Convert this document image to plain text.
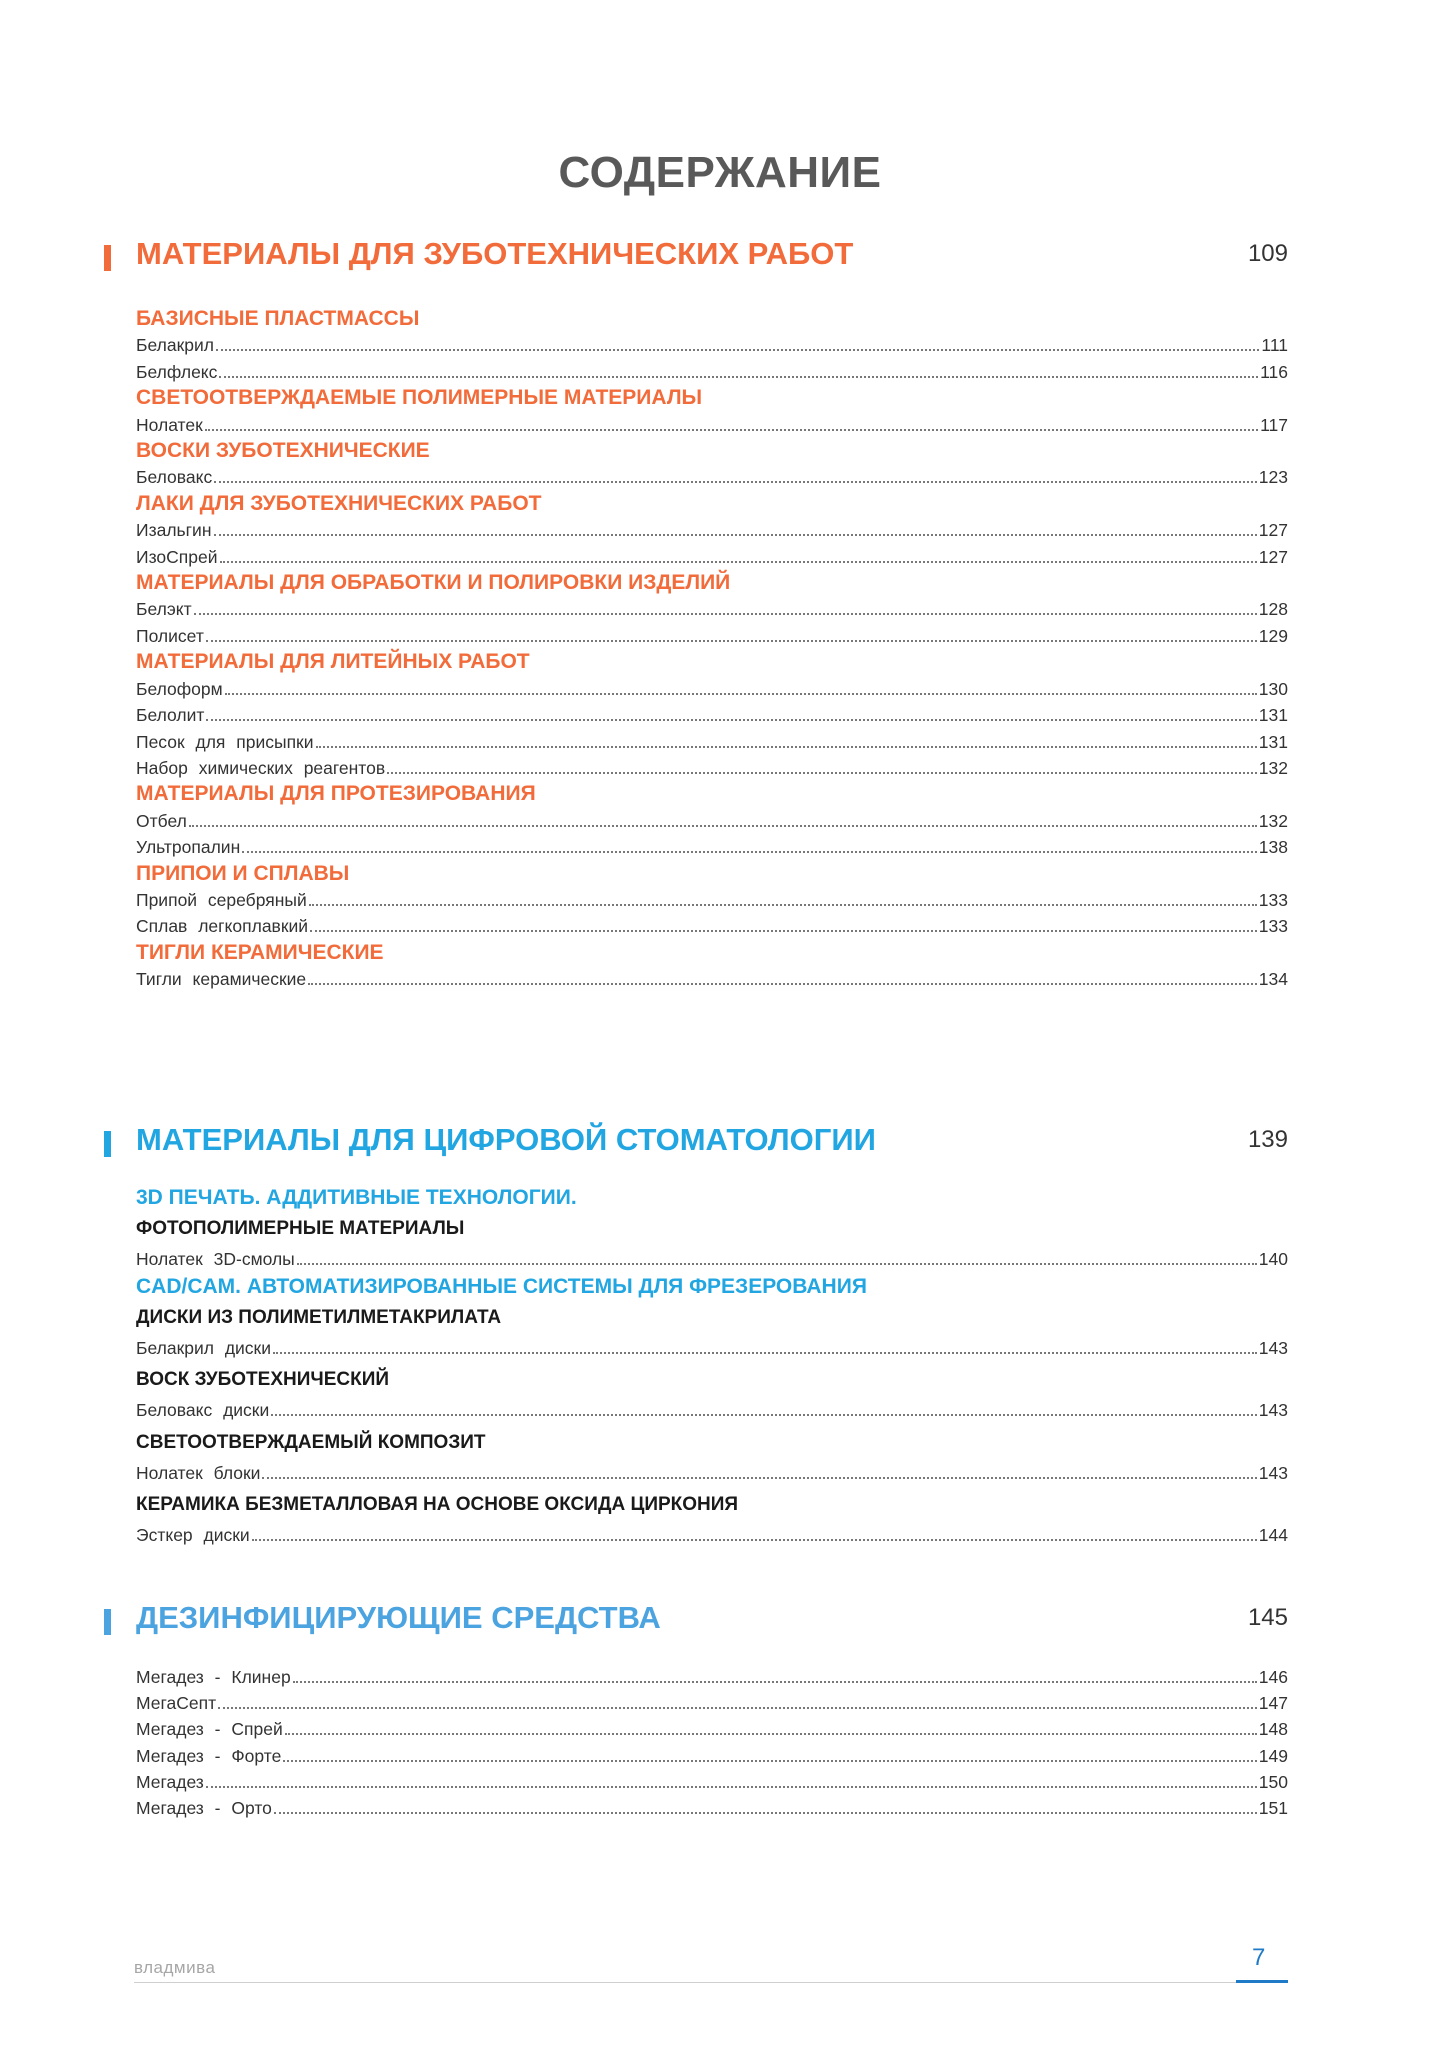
СОДЕРЖАНИЕ
МАТЕРИАЛЫ ДЛЯ ЗУБОТЕХНИЧЕСКИХ РАБОТ	109
БАЗИСНЫЕ ПЛАСТМАССЫ
Белакрил	111
Белфлекс	116
СВЕТООТВЕРЖДАЕМЫЕ ПОЛИМЕРНЫЕ МАТЕРИАЛЫ
Нолатек	117
ВОСКИ ЗУБОТЕХНИЧЕСКИЕ
Беловакс	123
ЛАКИ ДЛЯ ЗУБОТЕХНИЧЕСКИХ РАБОТ
Изальгин	127
ИзоСпрей	127
МАТЕРИАЛЫ ДЛЯ ОБРАБОТКИ И ПОЛИРОВКИ ИЗДЕЛИЙ
Белэкт	128
Полисет	129
МАТЕРИАЛЫ ДЛЯ ЛИТЕЙНЫХ РАБОТ
Белоформ	130
Белолит	131
Песок для присыпки	131
Набор химических реагентов	132
МАТЕРИАЛЫ ДЛЯ ПРОТЕЗИРОВАНИЯ
Отбел	132
Ультропалин	138
ПРИПОИ И СПЛАВЫ
Припой серебряный	133
Сплав легкоплавкий	133
ТИГЛИ КЕРАМИЧЕСКИЕ
Тигли керамические	134
МАТЕРИАЛЫ ДЛЯ ЦИФРОВОЙ СТОМАТОЛОГИИ	139
3D ПЕЧАТЬ. АДДИТИВНЫЕ ТЕХНОЛОГИИ.
ФОТОПОЛИМЕРНЫЕ МАТЕРИАЛЫ
Нолатек 3D-смолы	140
CAD/CAM. АВТОМАТИЗИРОВАННЫЕ СИСТЕМЫ ДЛЯ ФРЕЗЕРОВАНИЯ
ДИСКИ ИЗ ПОЛИМЕТИЛМЕТАКРИЛАТА
Белакрил диски	143
ВОСК ЗУБОТЕХНИЧЕСКИЙ
Беловакс диски	143
СВЕТООТВЕРЖДАЕМЫЙ КОМПОЗИТ
Нолатек блоки	143
КЕРАМИКА БЕЗМЕТАЛЛОВАЯ НА ОСНОВЕ ОКСИДА ЦИРКОНИЯ
Эсткер диски	144
ДЕЗИНФИЦИРУЮЩИЕ СРЕДСТВА	145
Мегадез - Клинер	146
МегаСепт	147
Мегадез - Спрей	148
Мегадез - Форте	149
Мегадез	150
Мегадез - Орто	151
владмива	7
